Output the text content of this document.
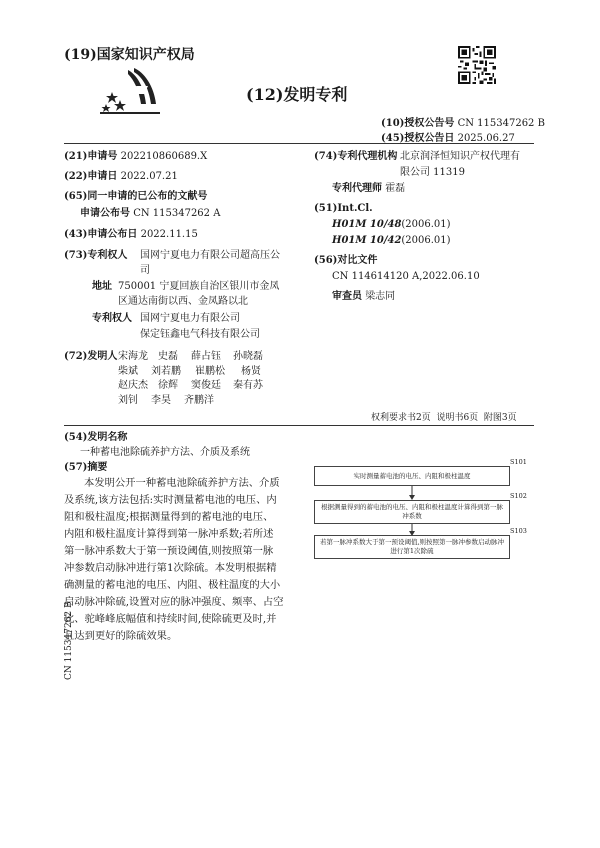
(19)国家知识产权局
(12)发明专利
(10)授权公告号 CN 115347262 B
(45)授权公告日 2025.06.27
(21)申请号 202210860689.X
(22)申请日 2022.07.21
(65)同一申请的已公布的文献号
申请公布号 CN 115347262 A
(43)申请公布日 2022.11.15
(73)专利权人 国网宁夏电力有限公司超高压公
司
地址 750001 宁夏回族自治区银川市金凤
区通达南街以西、金凤路以北
专利权人 国网宁夏电力有限公司
保定钰鑫电气科技有限公司
(72)发明人 宋海龙 史磊 薛占钰 孙晓磊
柴斌 刘若鹏 崔鹏松 杨贤
赵庆杰 徐辉 窦俊廷 秦有苏
刘钊 李昊 齐鹏洋
(74)专利代理机构 北京润泽恒知识产权代理有
限公司 11319
专利代理师 霍磊
(51)Int.Cl.
H01M 10/48(2006.01)
H01M 10/42(2006.01)
(56)对比文件
CN 114614120 A,2022.06.10
审查员 梁志同
权利要求书2页  说明书6页  附图3页
(54)发明名称
一种蓄电池除硫养护方法、介质及系统
(57)摘要
本发明公开一种蓄电池除硫养护方法、介质
及系统,该方法包括:实时测量蓄电池的电压、内
阻和极柱温度;根据测量得到的蓄电池的电压、
内阻和极柱温度计算得到第一脉冲系数;若所述
第一脉冲系数大于第一预设阈值,则按照第一脉
冲参数启动脉冲进行第1次除硫。本发明根据精
确测量的蓄电池的电压、内阻、极柱温度的大小
启动脉冲除硫,设置对应的脉冲强度、频率、占空
比、驼峰峰底幅值和持续时间,使除硫更及时,并
且达到更好的除硫效果。
实时测量蓄电池的电压、内阻和极柱温度
S101
根据测量得到的蓄电池的电压、内阻和极柱温度计算得到第一脉冲系数
S102
若第一脉冲系数大于第一预设阈值,则按照第一脉冲参数启动脉冲进行第1次除硫
S103
CN 115347262 B
